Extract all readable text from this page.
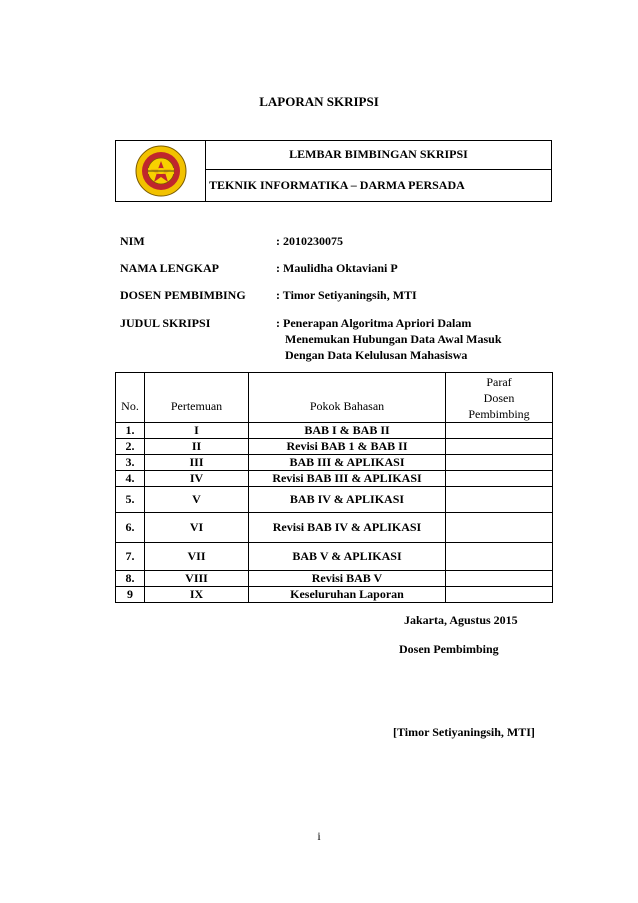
LAPORAN SKRIPSI
LEMBAR BIMBINGAN SKRIPSI
TEKNIK INFORMATIKA – DARMA PERSADA
NIM	: 2010230075
NAMA LENGKAP	: Maulidha Oktaviani P
DOSEN PEMBIMBING	: Timor Setiyaningsih, MTI
JUDUL SKRIPSI	: Penerapan Algoritma Apriori Dalam
Menemukan Hubungan Data Awal Masuk
Dengan Data Kelulusan Mahasiswa
No.	Pertemuan	Pokok Bahasan	Paraf
Dosen
Pembimbing

1.	I	BAB I & BAB II	
2.	II	Revisi BAB 1 & BAB II	
3.	III	BAB III & APLIKASI	
4.	IV	Revisi BAB III & APLIKASI	
5.	V	BAB IV & APLIKASI	
6.	VI	Revisi BAB IV & APLIKASI	
7.	VII	BAB V & APLIKASI	
8.	VIII	Revisi BAB V	
9	IX	Keseluruhan Laporan	
Jakarta, Agustus 2015
Dosen Pembimbing
[Timor Setiyaningsih, MTI]
i
